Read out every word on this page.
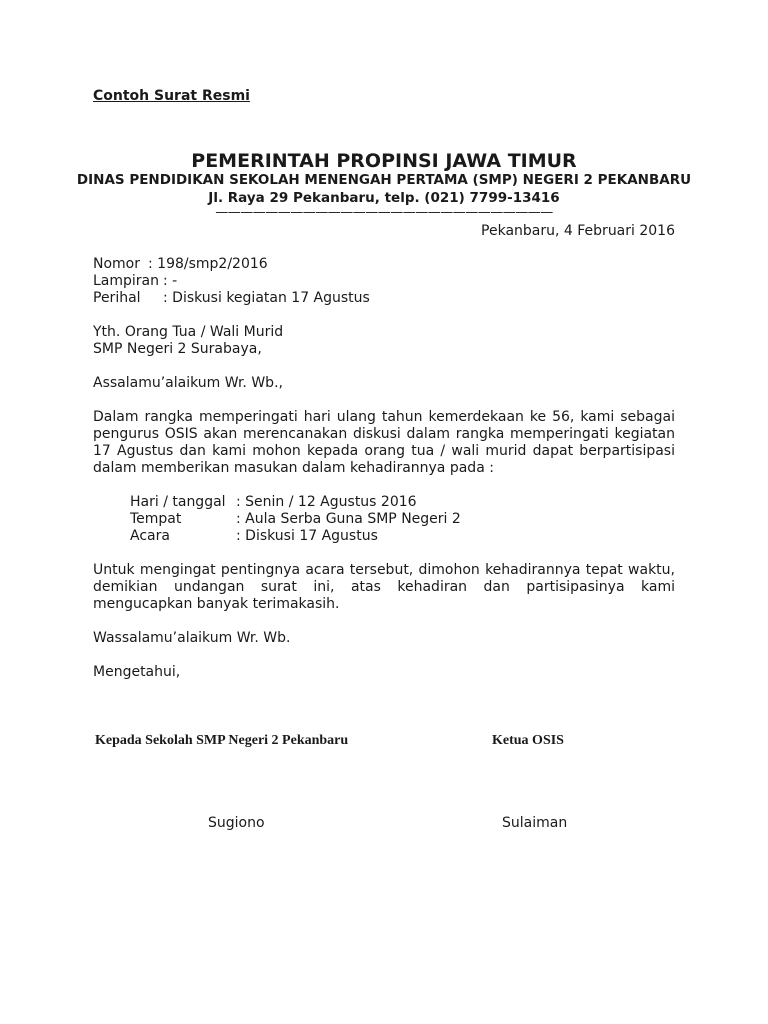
Contoh Surat Resmi
PEMERINTAH PROPINSI JAWA TIMUR
DINAS PENDIDIKAN SEKOLAH MENENGAH PERTAMA (SMP) NEGERI 2 PEKANBARU
Jl. Raya 29 Pekanbaru, telp. (021) 7799-13416
———————————————————————————
Pekanbaru, 4 Februari 2016
Nomor : 198/smp2/2016
Lampiran : -
Perihal : Diskusi kegiatan 17 Agustus
Yth. Orang Tua / Wali Murid
SMP Negeri 2 Surabaya,
Assalamu’alaikum Wr. Wb.,
Dalam rangka memperingati hari ulang tahun kemerdekaan ke 56, kami sebagai pengurus OSIS akan merencanakan diskusi dalam rangka memperingati kegiatan 17 Agustus dan kami mohon kepada orang tua / wali murid dapat berpartisipasi dalam memberikan masukan dalam kehadirannya pada :
Hari / tanggal : Senin / 12 Agustus 2016
Tempat	: Aula Serba Guna SMP Negeri 2
Acara	: Diskusi 17 Agustus
Untuk mengingat pentingnya acara tersebut, dimohon kehadirannya tepat waktu, demikian undangan surat ini, atas kehadiran dan partisipasinya kami mengucapkan banyak terimakasih.
Wassalamu’alaikum Wr. Wb.
Mengetahui,
Kepada Sekolah SMP Negeri 2 Pekanbaru	Ketua OSIS
Sugiono	Sulaiman
